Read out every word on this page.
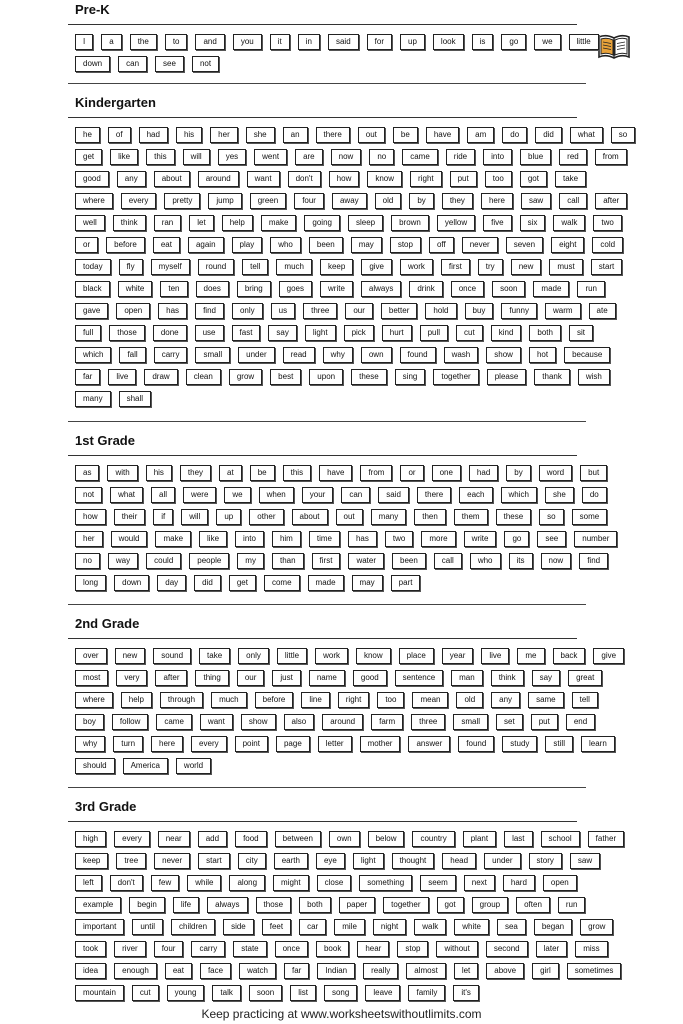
Pre-K
I	a	the	to	and	you	it	in	said	for	up	look	is	go	we	little
down	can	see	not
Kindergarten
he	of	had	his	her	she	an	there	out	be	have	am	do	did	what	so
get	like	this	will	yes	went	are	now	no	came	ride	into	blue	red	from
good	any	about	around	want	don't	how	know	right	put	too	got	take
where	every	pretty	jump	green	four	away	old	by	they	here	saw	call	after
well	think	ran	let	help	make	going	sleep	brown	yellow	five	six	walk	two
or	before	eat	again	play	who	been	may	stop	off	never	seven	eight	cold
today	fly	myself	round	tell	much	keep	give	work	first	try	new	must	start
black	white	ten	does	bring	goes	write	always	drink	once	soon	made	run
gave	open	has	find	only	us	three	our	better	hold	buy	funny	warm	ate
full	those	done	use	fast	say	light	pick	hurt	pull	cut	kind	both	sit
which	fall	carry	small	under	read	why	own	found	wash	show	hot	because
far	live	draw	clean	grow	best	upon	these	sing	together	please	thank	wish
many	shall
1st Grade
as	with	his	they	at	be	this	have	from	or	one	had	by	word	but
not	what	all	were	we	when	your	can	said	there	each	which	she	do
how	their	if	will	up	other	about	out	many	then	them	these	so	some
her	would	make	like	into	him	time	has	two	more	write	go	see	number
no	way	could	people	my	than	first	water	been	call	who	its	now	find
long	down	day	did	get	come	made	may	part
2nd Grade
over	new	sound	take	only	little	work	know	place	year	live	me	back	give
most	very	after	thing	our	just	name	good	sentence	man	think	say	great
where	help	through	much	before	line	right	too	mean	old	any	same	tell
boy	follow	came	want	show	also	around	farm	three	small	set	put	end
why	turn	here	every	point	page	letter	mother	answer	found	study	still	learn
should	America	world
3rd Grade
high	every	near	add	food	between	own	below	country	plant	last	school	father
keep	tree	never	start	city	earth	eye	light	thought	head	under	story	saw
left	don't	few	while	along	might	close	something	seem	next	hard	open
example	begin	life	always	those	both	paper	together	got	group	often	run
important	until	children	side	feet	car	mile	night	walk	white	sea	began	grow
took	river	four	carry	state	once	book	hear	stop	without	second	later	miss
idea	enough	eat	face	watch	far	Indian	really	almost	let	above	girl	sometimes
mountain	cut	young	talk	soon	list	song	leave	family	it's
Keep practicing at www.worksheetswithoutlimits.com
